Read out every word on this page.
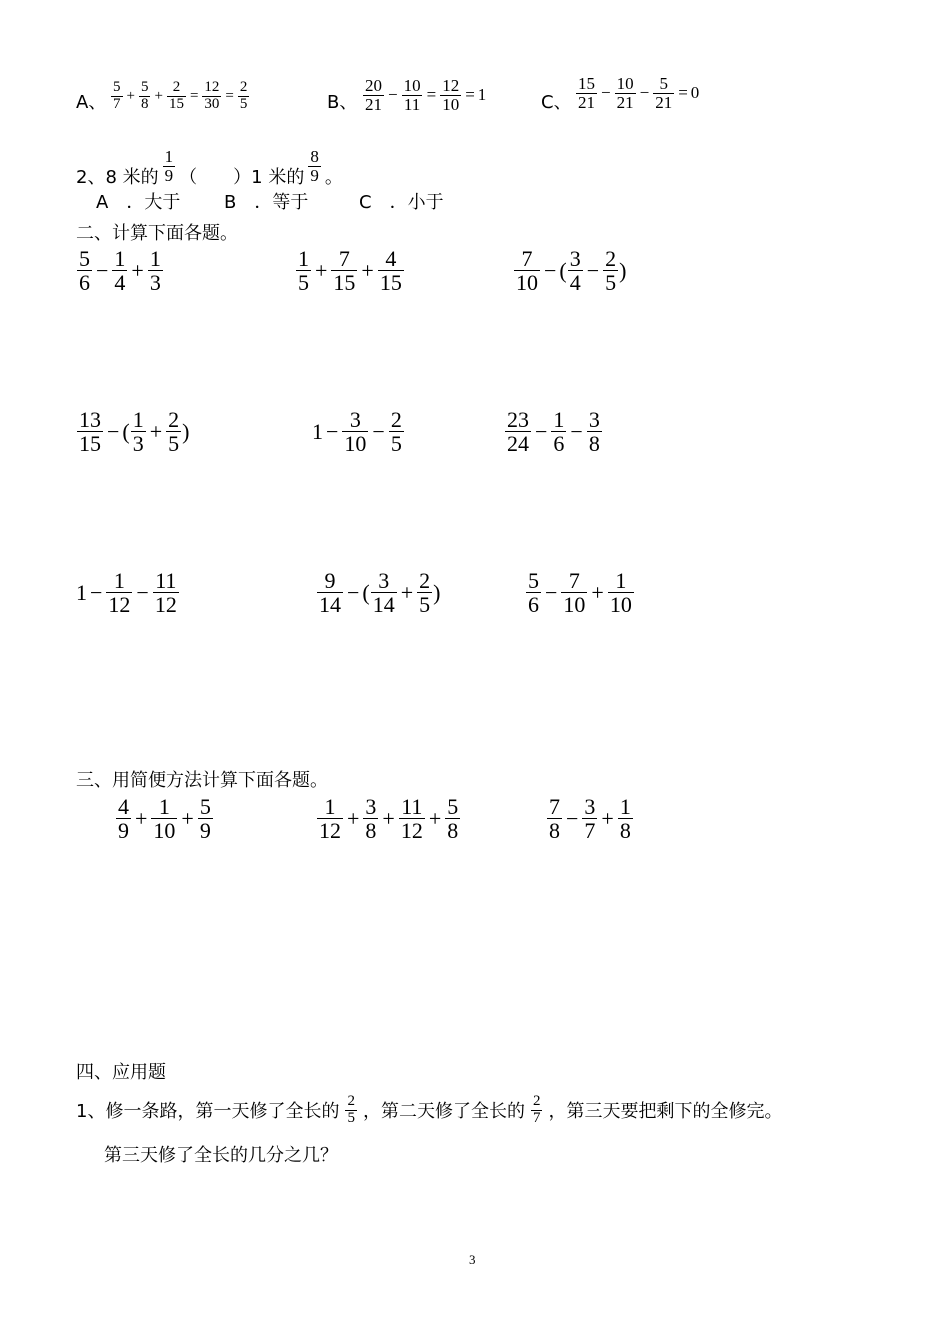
A、 $\frac{5}{7} + \frac{5}{8} + \frac{2}{15} = \frac{12}{30} = \frac{2}{5}$	B、 $\frac{20}{21} - \frac{10}{11} = \frac{12}{10} = 1$	C、 $\frac{15}{21} - \frac{10}{21} - \frac{5}{21} = 0$
2、8 米的 $\frac{1}{9}$ （　　）1 米的 $\frac{8}{9}$ 。
A　．大于 B　．等于	C　．小于
二、计算下面各题。
$\frac{5}{6} - \frac{1}{4} + \frac{1}{3}$	$\frac{1}{5} + \frac{7}{15} + \frac{4}{15}$	$\frac{7}{10}$ − ( $\frac{3}{4} - \frac{2}{5}$ )
$\frac{13}{15}$ − ( $\frac{1}{3} + \frac{2}{5}$ )	$1 - \frac{3}{10} - \frac{2}{5}$	$\frac{23}{24} - \frac{1}{6} - \frac{3}{8}$
$1 - \frac{1}{12} - \frac{11}{12}$	$\frac{9}{14}$ − ( $\frac{3}{14} + \frac{2}{5}$ )	$\frac{5}{6} - \frac{7}{10} + \frac{1}{10}$
三、用简便方法计算下面各题。
$\frac{4}{9} + \frac{1}{10} + \frac{5}{9}$	$\frac{1}{12} + \frac{3}{8} + \frac{11}{12} + \frac{5}{8}$	$\frac{7}{8} - \frac{3}{7} + \frac{1}{8}$
四、应用题
1、修一条路，第一天修了全长的 $\frac{2}{5}$ ，第二天修了全长的 $\frac{2}{7}$ ，第三天要把剩下的全修完。
第三天修了全长的几分之几？
3
